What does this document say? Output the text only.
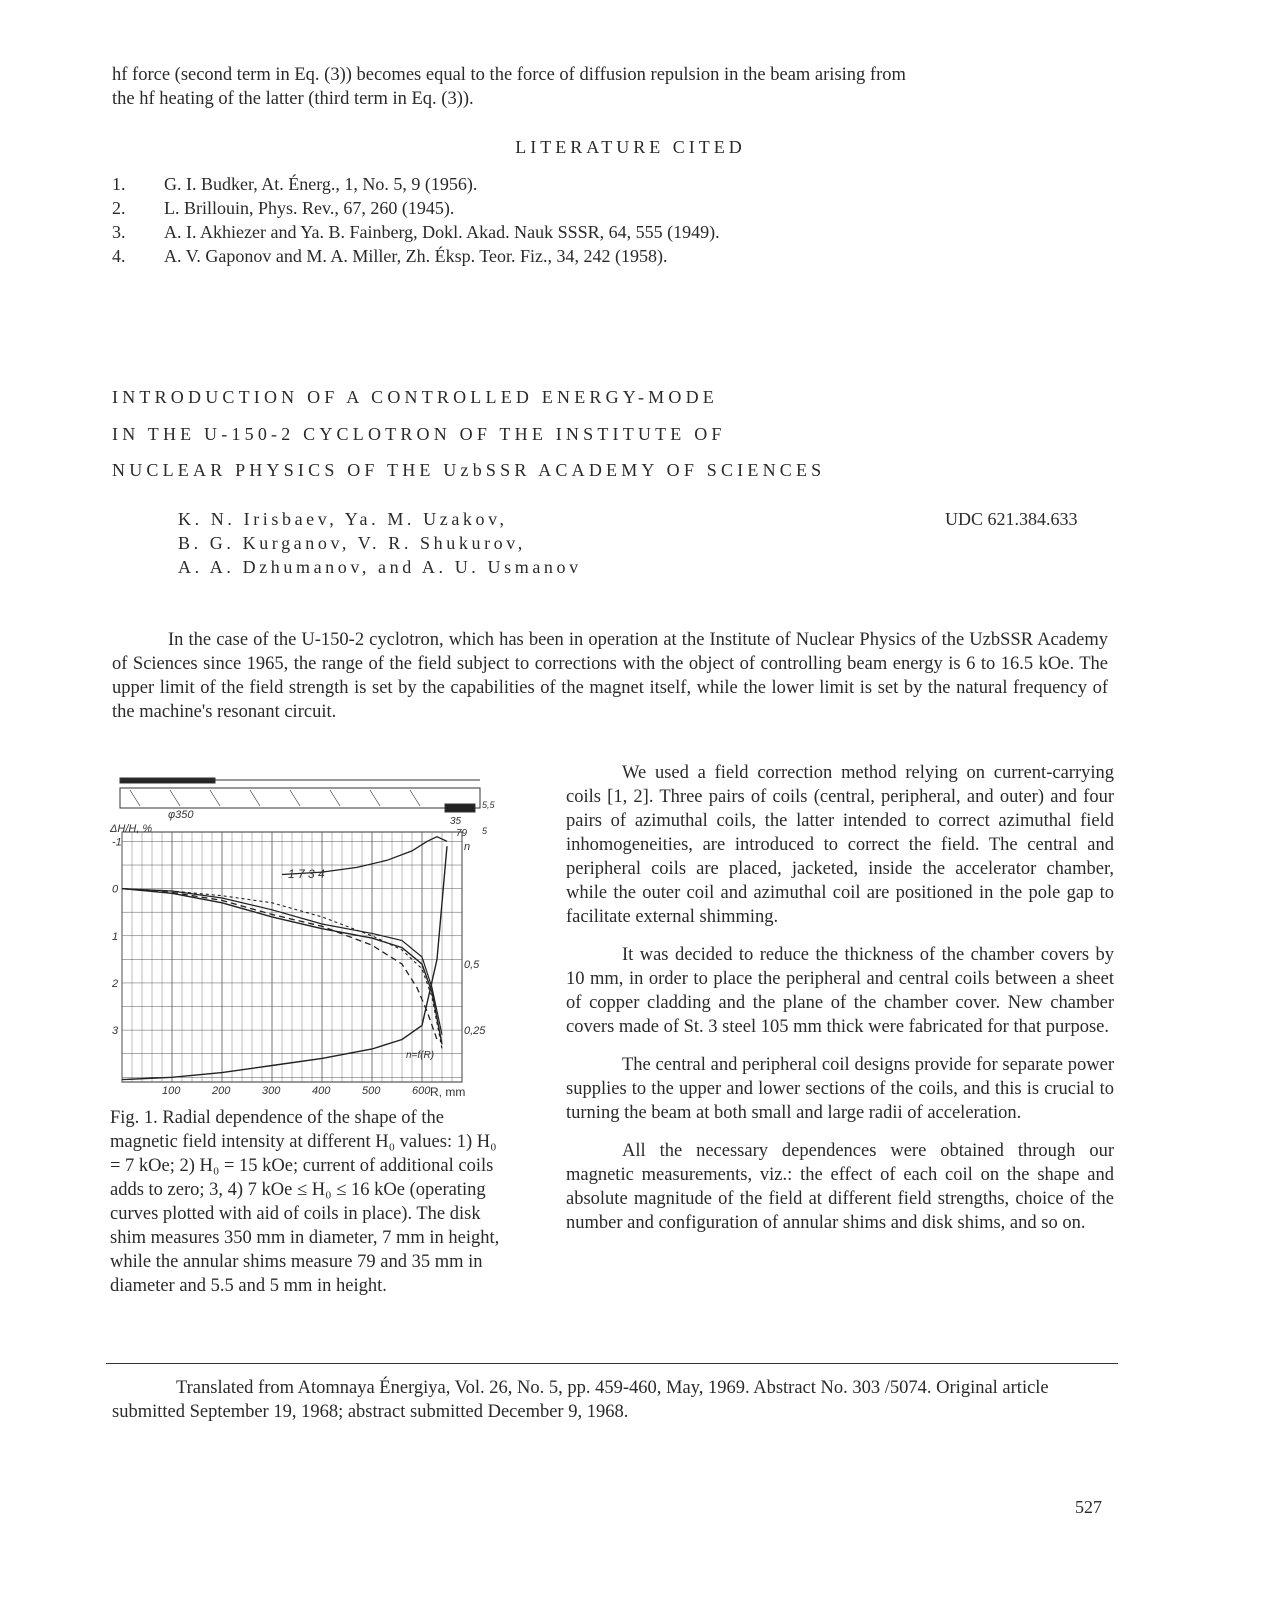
hf force (second term in Eq. (3)) becomes equal to the force of diffusion repulsion in the beam arising from
the hf heating of the latter (third term in Eq. (3)).
LITERATURE CITED
1. G. I. Budker, At. Énerg., 1, No. 5, 9 (1956).
2. L. Brillouin, Phys. Rev., 67, 260 (1945).
3. A. I. Akhiezer and Ya. B. Fainberg, Dokl. Akad. Nauk SSSR, 64, 555 (1949).
4. A. V. Gaponov and M. A. Miller, Zh. Éksp. Teor. Fiz., 34, 242 (1958).
INTRODUCTION OF A CONTROLLED ENERGY-MODE
IN THE U-150-2 CYCLOTRON OF THE INSTITUTE OF
NUCLEAR PHYSICS OF THE UzbSSR ACADEMY OF SCIENCES
K. N. Irisbaev, Ya. M. Uzakov,
B. G. Kurganov, V. R. Shukurov,
A. A. Dzhumanov, and A. U. Usmanov
UDC 621.384.633
In the case of the U-150-2 cyclotron, which has been in operation at the Institute of Nuclear Physics of the UzbSSR Academy of Sciences since 1965, the range of the field subject to corrections with the object of controlling beam energy is 6 to 16.5 kOe. The upper limit of the field strength is set by the capabilities of the magnet itself, while the lower limit is set by the natural frequency of the machine's resonant circuit.
φ350
35
79 5
5,5
ΔH/H, %
-1
0
1
2
3
100	200	300	400	500	600
n
0,5
0,25
1 7 3 4
n=f(R)
R, mm
Fig. 1. Radial dependence of the shape of the magnetic field intensity at different H₀ values: 1) H₀ = 7 kOe; 2) H₀ = 15 kOe; current of additional coils adds to zero; 3, 4) 7 kOe ≤ H₀ ≤ 16 kOe (operating curves plotted with aid of coils in place). The disk shim measures 350 mm in diameter, 7 mm in height, while the annular shims measure 79 and 35 mm in diameter and 5.5 and 5 mm in height.

We used a field correction method relying on current-carrying coils [1, 2]. Three pairs of coils (central, peripheral, and outer) and four pairs of azimuthal coils, the latter intended to correct azimuthal field inhomogeneities, are introduced to correct the field. The central and peripheral coils are placed, jacketed, inside the accelerator chamber, while the outer coil and azimuthal coil are positioned in the pole gap to facilitate external shimming.

It was decided to reduce the thickness of the chamber covers by 10 mm, in order to place the peripheral and central coils between a sheet of copper cladding and the plane of the chamber cover. New chamber covers made of St. 3 steel 105 mm thick were fabricated for that purpose.

The central and peripheral coil designs provide for separate power supplies to the upper and lower sections of the coils, and this is crucial to turning the beam at both small and large radii of acceleration.

All the necessary dependences were obtained through our magnetic measurements, viz.: the effect of each coil on the shape and absolute magnitude of the field at different field strengths, choice of the number and configuration of annular shims and disk shims, and so on.

Translated from Atomnaya Énergiya, Vol. 26, No. 5, pp. 459-460, May, 1969. Abstract No. 303 /5074. Original article submitted September 19, 1968; abstract submitted December 9, 1968.
527
